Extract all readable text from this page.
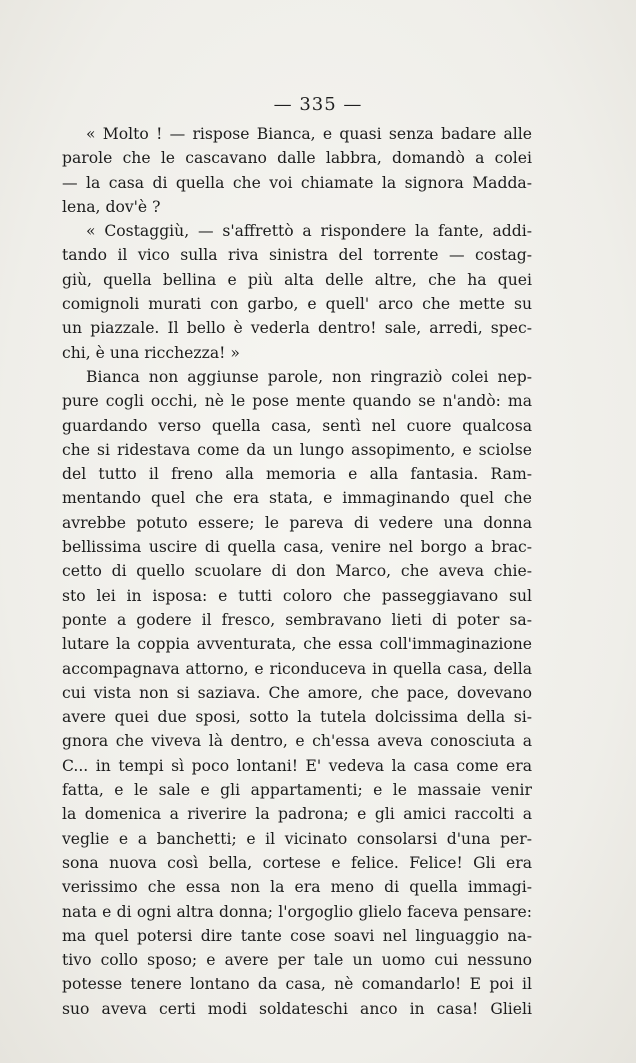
— 335 —
« Molto ! — rispose Bianca, e quasi senza badare alle
parole che le cascavano dalle labbra, domandò a colei
— la casa di quella che voi chiamate la signora Madda-
lena, dov'è ?
« Costaggiù, — s'affrettò a rispondere la fante, addi-
tando il vico sulla riva sinistra del torrente — costag-
giù, quella bellina e più alta delle altre, che ha quei
comignoli murati con garbo, e quell' arco che mette su
un piazzale. Il bello è vederla dentro! sale, arredi, spec-
chi, è una ricchezza! »
Bianca non aggiunse parole, non ringraziò colei nep-
pure cogli occhi, nè le pose mente quando se n'andò: ma
guardando verso quella casa, sentì nel cuore qualcosa
che si ridestava come da un lungo assopimento, e sciolse
del tutto il freno alla memoria e alla fantasia. Ram-
mentando quel che era stata, e immaginando quel che
avrebbe potuto essere; le pareva di vedere una donna
bellissima uscire di quella casa, venire nel borgo a brac-
cetto di quello scuolare di don Marco, che aveva chie-
sto lei in isposa: e tutti coloro che passeggiavano sul
ponte a godere il fresco, sembravano lieti di poter sa-
lutare la coppia avventurata, che essa coll'immaginazione
accompagnava attorno, e riconduceva in quella casa, della
cui vista non si saziava. Che amore, che pace, dovevano
avere quei due sposi, sotto la tutela dolcissima della si-
gnora che viveva là dentro, e ch'essa aveva conosciuta a
C... in tempi sì poco lontani! E' vedeva la casa come era
fatta, e le sale e gli appartamenti; e le massaie venir
la domenica a riverire la padrona; e gli amici raccolti a
veglie e a banchetti; e il vicinato consolarsi d'una per-
sona nuova così bella, cortese e felice. Felice! Gli era
verissimo che essa non la era meno di quella immagi-
nata e di ogni altra donna; l'orgoglio glielo faceva pensare:
ma quel potersi dire tante cose soavi nel linguaggio na-
tivo collo sposo; e avere per tale un uomo cui nessuno
potesse tenere lontano da casa, nè comandarlo! E poi il
suo aveva certi modi soldateschi anco in casa! Glieli
